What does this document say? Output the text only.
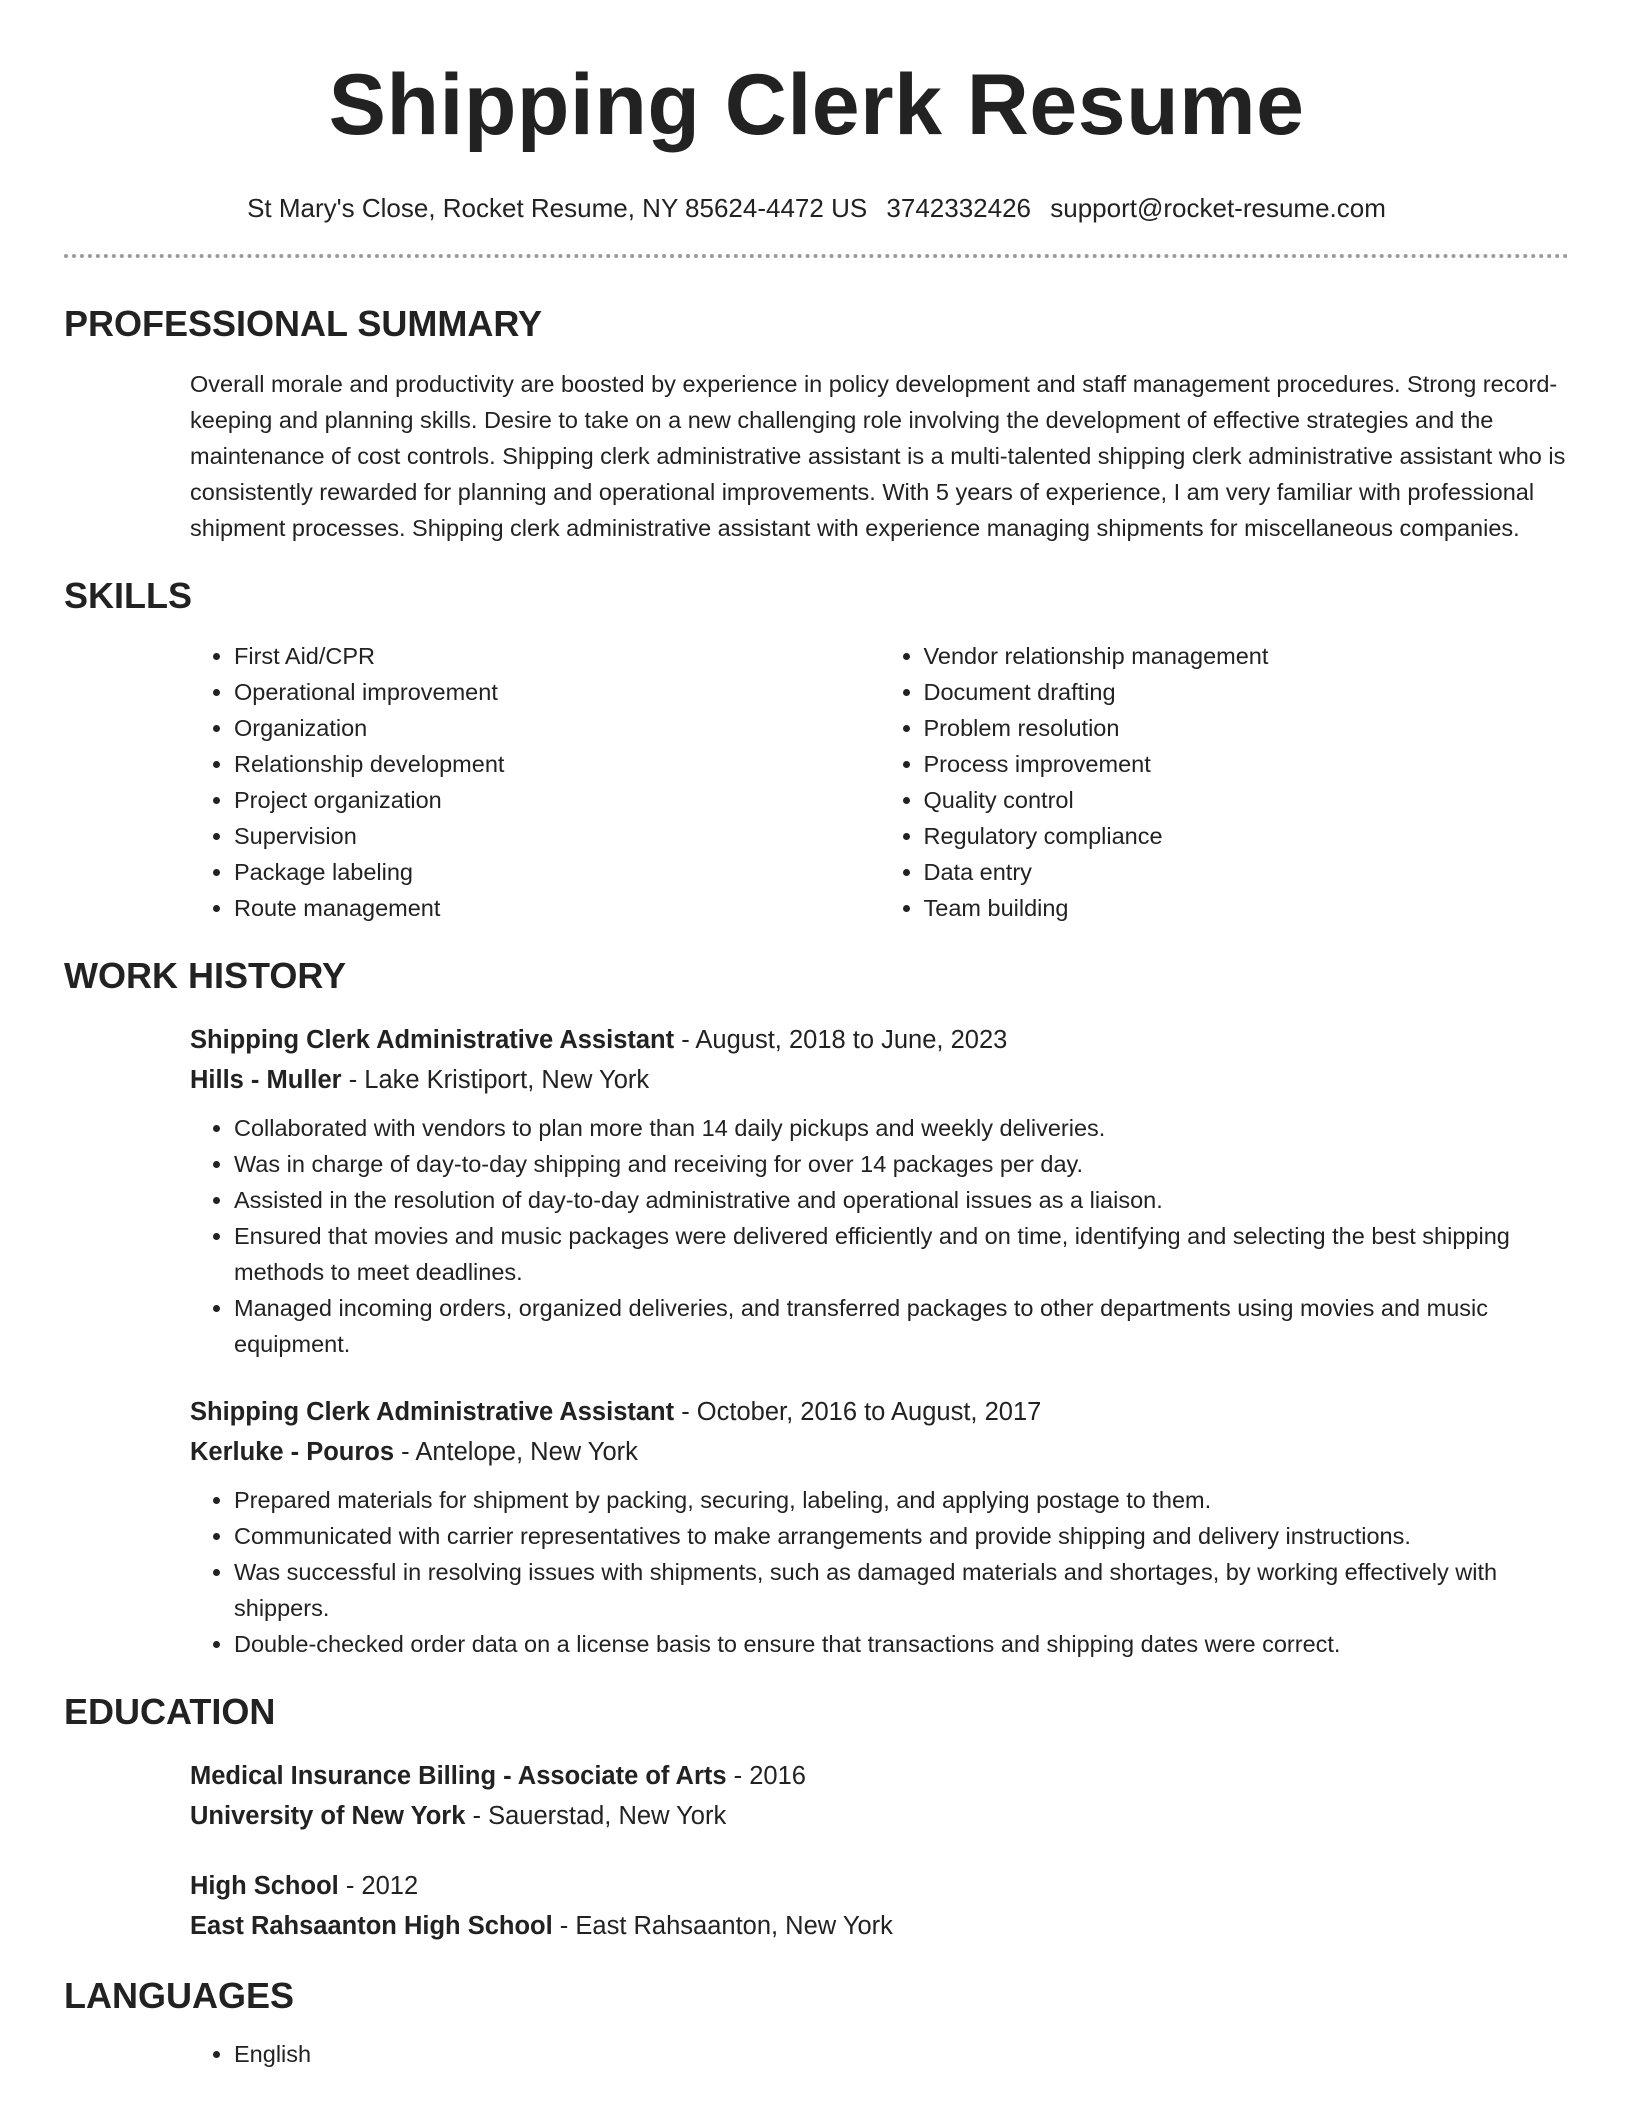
Shipping Clerk Resume
St Mary's Close, Rocket Resume, NY 85624-4472 US 3742332426 support@rocket-resume.com
PROFESSIONAL SUMMARY

Overall morale and productivity are boosted by experience in policy development and staff management procedures. Strong record-keeping and planning skills. Desire to take on a new challenging role involving the development of effective strategies and the maintenance of cost controls. Shipping clerk administrative assistant is a multi-talented shipping clerk administrative assistant who is consistently rewarded for planning and operational improvements. With 5 years of experience, I am very familiar with professional shipment processes. Shipping clerk administrative assistant with experience managing shipments for miscellaneous companies.

SKILLS
• First Aid/CPR
• Operational improvement
• Organization
• Relationship development
• Project organization
• Supervision
• Package labeling
• Route management
• Vendor relationship management
• Document drafting
• Problem resolution
• Process improvement
• Quality control
• Regulatory compliance
• Data entry
• Team building
WORK HISTORY
Shipping Clerk Administrative Assistant - August, 2018 to June, 2023
Hills - Muller - Lake Kristiport, New York
• Collaborated with vendors to plan more than 14 daily pickups and weekly deliveries.
• Was in charge of day-to-day shipping and receiving for over 14 packages per day.
• Assisted in the resolution of day-to-day administrative and operational issues as a liaison.
• Ensured that movies and music packages were delivered efficiently and on time, identifying and selecting the best shipping methods to meet deadlines.
• Managed incoming orders, organized deliveries, and transferred packages to other departments using movies and music equipment.
Shipping Clerk Administrative Assistant - October, 2016 to August, 2017
Kerluke - Pouros - Antelope, New York
• Prepared materials for shipment by packing, securing, labeling, and applying postage to them.
• Communicated with carrier representatives to make arrangements and provide shipping and delivery instructions.
• Was successful in resolving issues with shipments, such as damaged materials and shortages, by working effectively with shippers.
• Double-checked order data on a license basis to ensure that transactions and shipping dates were correct.
EDUCATION
Medical Insurance Billing - Associate of Arts - 2016
University of New York - Sauerstad, New York
High School - 2012
East Rahsaanton High School - East Rahsaanton, New York
LANGUAGES
• English
